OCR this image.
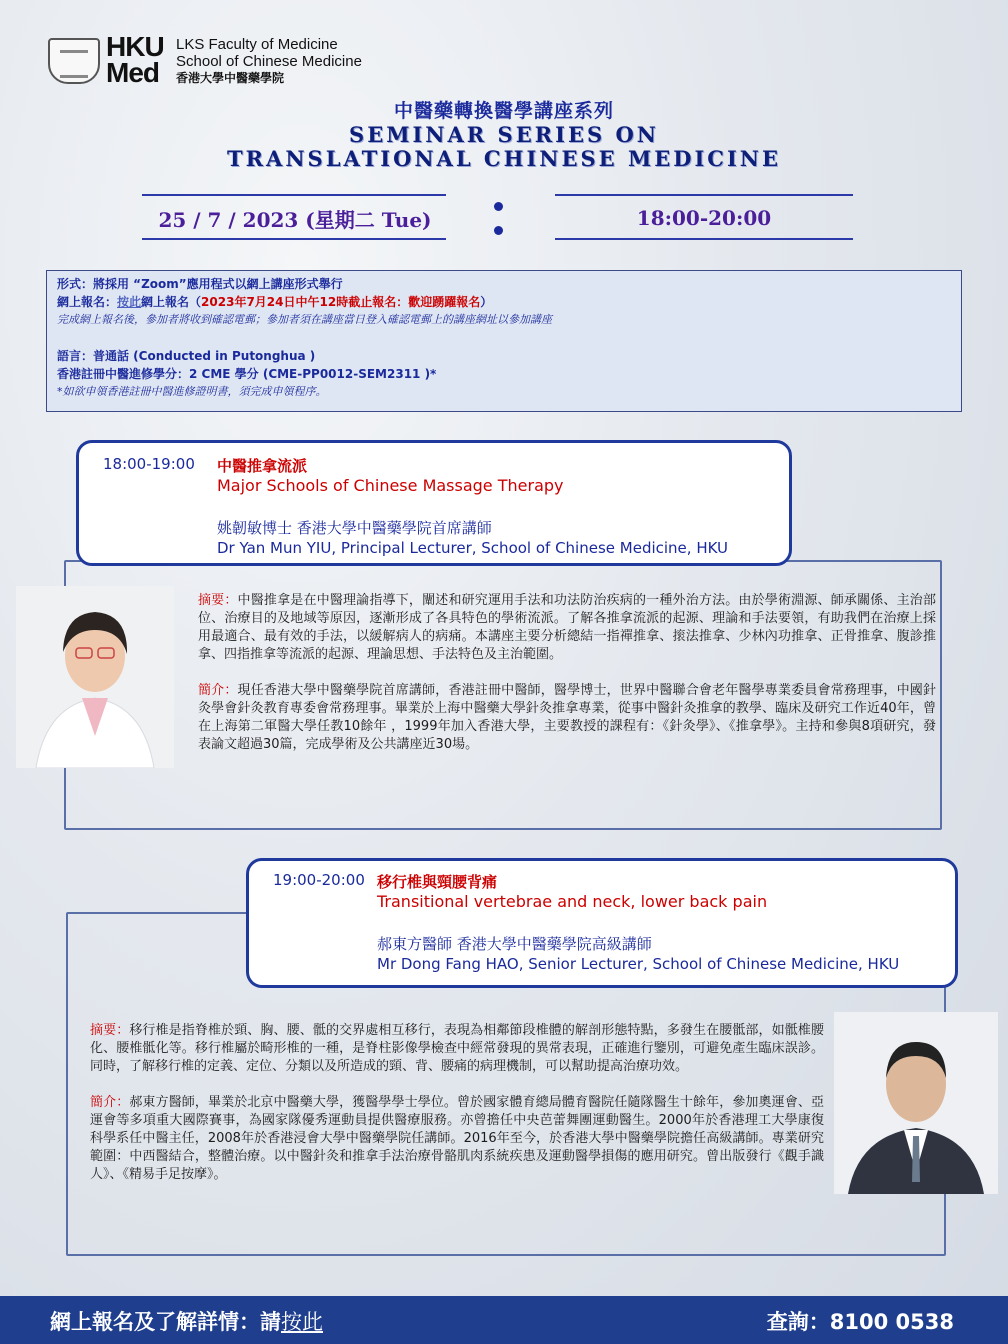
HKU
Med
LKS Faculty of Medicine
School of Chinese Medicine
香港大學中醫藥學院
中醫藥轉換醫學講座系列
SEMINAR SERIES ON
TRANSLATIONAL CHINESE MEDICINE
25 / 7 / 2023 (星期二 Tue)	18:00-20:00
形式：將採用 “Zoom”應用程式以網上講座形式舉行
網上報名：按此網上報名（2023年7月24日中午12時截止報名：歡迎踴躍報名）
完成網上報名後，參加者將收到確認電郵；參加者須在講座當日登入確認電郵上的講座網址以參加講座
語言：普通話 (Conducted in Putonghua )
香港註冊中醫進修學分：2 CME 學分 (CME-PP0012-SEM2311 )*
*如欲申領香港註冊中醫進修證明書，須完成申領程序。
18:00-19:00 中醫推拿流派
Major Schools of Chinese Massage Therapy
姚韌敏博士 香港大學中醫藥學院首席講師
Dr Yan Mun YIU, Principal Lecturer, School of Chinese Medicine, HKU
摘要：中醫推拿是在中醫理論指導下，闡述和研究運用手法和功法防治疾病的一種外治方法。由於學術淵源、師承關係、主治部位、治療目的及地域等原因，逐漸形成了各具特色的學術流派。了解各推拿流派的起源、理論和手法要領，有助我們在治療上採用最適合、最有效的手法，以緩解病人的病痛。本講座主要分析總結一指禪推拿、㨰法推拿、少林內功推拿、正骨推拿、腹診推拿、四指推拿等流派的起源、理論思想、手法特色及主治範圍。
簡介：現任香港大學中醫藥學院首席講師，香港註冊中醫師，醫學博士，世界中醫聯合會老年醫學專業委員會常務理事，中國針灸學會針灸教育專委會常務理事。畢業於上海中醫藥大學針灸推拿專業，從事中醫針灸推拿的教學、臨床及研究工作近40年，曾在上海第二軍醫大學任教10餘年 ，1999年加入香港大學，主要教授的課程有：《針灸學》、《推拿學》。主持和參與8項研究，發表論文超過30篇，完成學術及公共講座近30場。
19:00-20:00 移行椎與頸腰背痛
Transitional vertebrae and neck, lower back pain
郝東方醫師 香港大學中醫藥學院高級講師
Mr Dong Fang HAO, Senior Lecturer, School of Chinese Medicine, HKU
摘要：移行椎是指脊椎於頸、胸、腰、骶的交界處相互移行，表現為相鄰節段椎體的解剖形態特點，多發生在腰骶部，如骶椎腰化、腰椎骶化等。移行椎屬於畸形椎的一種，是脊柱影像學檢查中經常發現的異常表現，正確進行鑒別，可避免產生臨床誤診。同時，了解移行椎的定義、定位、分類以及所造成的頸、背、腰痛的病理機制，可以幫助提高治療功效。
簡介：郝東方醫師，畢業於北京中醫藥大學，獲醫學學士學位。曾於國家體育總局體育醫院任隨隊醫生十餘年，參加奧運會、亞運會等多項重大國際賽事，為國家隊優秀運動員提供醫療服務。亦曾擔任中央芭蕾舞團運動醫生。2000年於香港理工大學康復科學系任中醫主任，2008年於香港浸會大學中醫藥學院任講師。2016年至今，於香港大學中醫藥學院擔任高級講師。專業研究範圍：中西醫結合，整體治療。以中醫針灸和推拿手法治療骨骼肌肉系統疾患及運動醫學損傷的應用研究。曾出版發行《觀手識人》、《精易手足按摩》。
網上報名及了解詳情：請按此	查詢：8100 0538
